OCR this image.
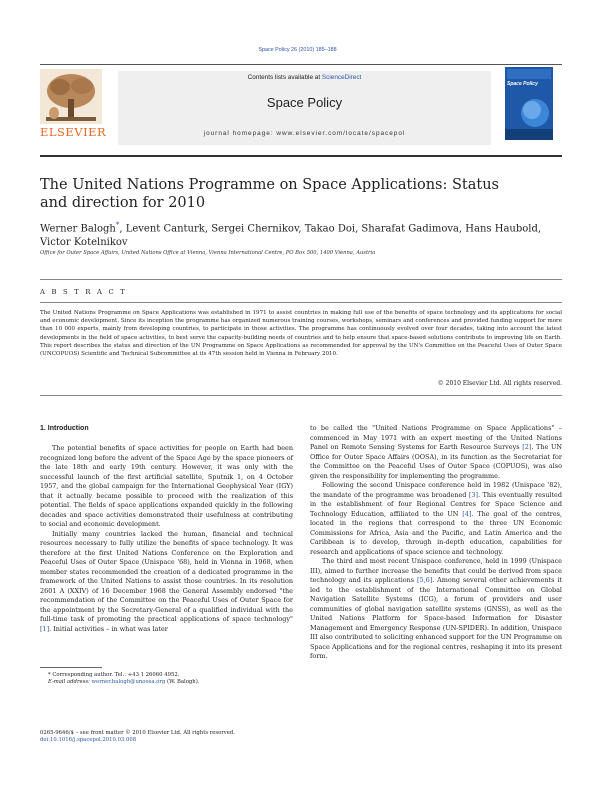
Space Policy 26 (2010) 185–188
ELSEVIER
Contents lists available at ScienceDirect
Space Policy
journal homepage: www.elsevier.com/locate/spacepol
Space Policy
The United Nations Programme on Space Applications: Status and direction for 2010
Werner Balogh*, Levent Canturk, Sergei Chernikov, Takao Doi, Sharafat Gadimova, Hans Haubold, Victor Kotelnikov
Office for Outer Space Affairs, United Nations Office at Vienna, Vienna International Centre, PO Box 500, 1400 Vienna, Austria
A B S T R A C T
The United Nations Programme on Space Applications was established in 1971 to assist countries in making full use of the benefits of space technology and its applications for social and economic development. Since its inception the programme has organized numerous training courses, workshops, seminars and conferences and provided funding support for more than 10 000 experts, mainly from developing countries, to participate in those activities. The programme has continuously evolved over four decades, taking into account the latest developments in the field of space activities, to best serve the capacity-building needs of countries and to help ensure that space-based solutions contribute to improving life on Earth. This report describes the status and direction of the UN Programme on Space Applications as recommended for approval by the UN's Committee on the Peaceful Uses of Outer Space (UNCOPUOS) Scientific and Technical Subcommittee at its 47th session held in Vienna in February 2010.
© 2010 Elsevier Ltd. All rights reserved.
1. Introduction

The potential benefits of space activities for people on Earth had been recognized long before the advent of the Space Age by the space pioneers of the late 18th and early 19th century. However, it was only with the successful launch of the first artificial satellite, Sputnik 1, on 4 October 1957, and the global campaign for the International Geophysical Year (IGY) that it actually became possible to proceed with the realization of this potential. The fields of space applications expanded quickly in the following decades and space activities demonstrated their usefulness at contributing to social and economic development.

Initially many countries lacked the human, financial and technical resources necessary to fully utilize the benefits of space technology. It was therefore at the first United Nations Conference on the Exploration and Peaceful Uses of Outer Space (Unispace '68), held in Vienna in 1968, when member states recommended the creation of a dedicated programme in the framework of the United Nations to assist those countries. In its resolution 2601 A (XXIV) of 16 December 1968 the General Assembly endorsed "the recommendation of the Committee on the Peaceful Uses of Outer Space for the appointment by the Secretary-General of a qualified individual with the full-time task of promoting the practical applications of space technology" [1]. Initial activities – in what was later

to be called the "United Nations Programme on Space Applications" – commenced in May 1971 with an expert meeting of the United Nations Panel on Remote Sensing Systems for Earth Resource Surveys [2]. The UN Office for Outer Space Affairs (OOSA), in its function as the Secretariat for the Committee on the Peaceful Uses of Outer Space (COPUOS), was also given the responsibility for implementing the programme.

Following the second Unispace conference held in 1982 (Unispace '82), the mandate of the programme was broadened [3]. This eventually resulted in the establishment of four Regional Centres for Space Science and Technology Education, affiliated to the UN [4]. The goal of the centres, located in the regions that correspond to the three UN Economic Commissions for Africa, Asia and the Pacific, and Latin America and the Caribbean is to develop, through in-depth education, capabilities for research and applications of space science and technology.

The third and most recent Unispace conference, held in 1999 (Unispace III), aimed to further increase the benefits that could be derived from space technology and its applications [5,6]. Among several other achievements it led to the establishment of the International Committee on Global Navigation Satellite Systems (ICG), a forum of providers and user communities of global navigation satellite systems (GNSS), as well as the United Nations Platform for Space-based Information for Disaster Management and Emergency Response (UN-SPIDER). In addition, Unispace III also contributed to soliciting enhanced support for the UN Programme on Space Applications and for the regional centres, reshaping it into its present form.

* Corresponding author. Tel.: +43 1 26060 4952.
E-mail address: werner.balogh@unoosa.org (W. Balogh).
0265-9646/$ – see front matter © 2010 Elsevier Ltd. All rights reserved.
doi:10.1016/j.spacepol.2010.03.008
